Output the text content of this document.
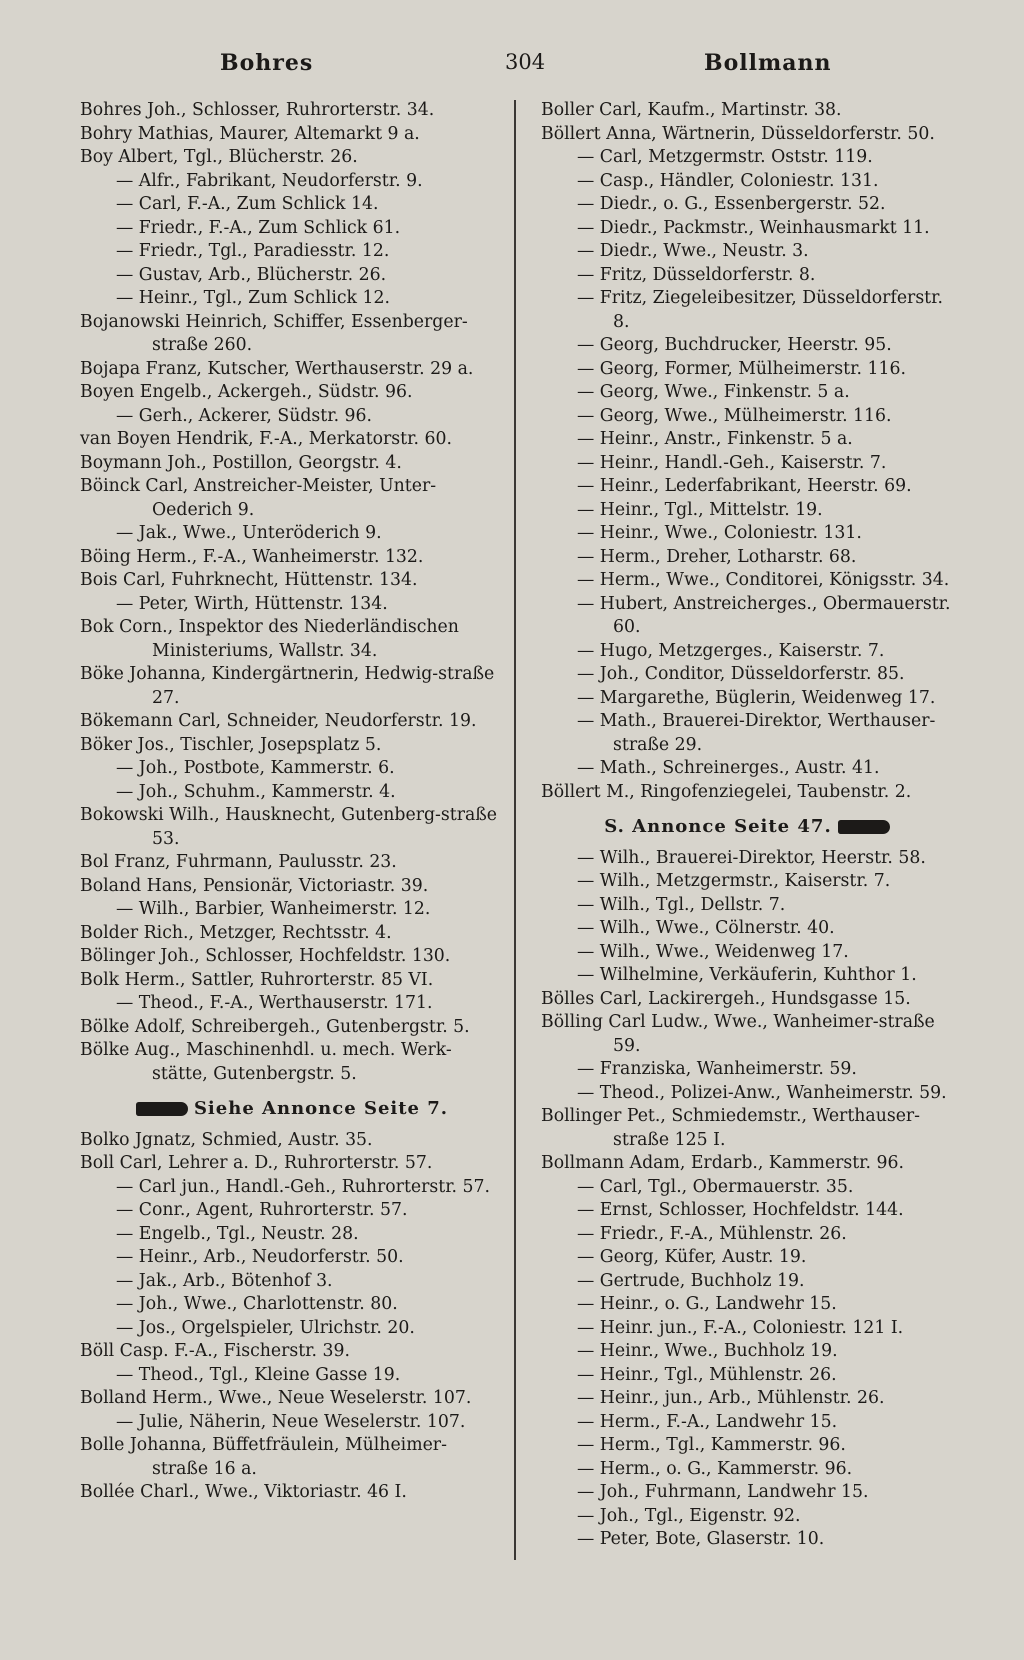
Bohres	304	Bollmann
Bohres Joh., Schlosser, Ruhrorterstr. 34.
Bohry Mathias, Maurer, Altemarkt 9 a.
Boy Albert, Tgl., Blücherstr. 26.
— Alfr., Fabrikant, Neudorferstr. 9.
— Carl, F.-A., Zum Schlick 14.
— Friedr., F.-A., Zum Schlick 61.
— Friedr., Tgl., Paradiesstr. 12.
— Gustav, Arb., Blücherstr. 26.
— Heinr., Tgl., Zum Schlick 12.
Bojanowski Heinrich, Schiffer, Essenberger-straße 260.
Bojapa Franz, Kutscher, Werthauserstr. 29 a.
Boyen Engelb., Ackergeh., Südstr. 96.
— Gerh., Ackerer, Südstr. 96.
van Boyen Hendrik, F.-A., Merkatorstr. 60.
Boymann Joh., Postillon, Georgstr. 4.
Böinck Carl, Anstreicher-Meister, Unter-Oederich 9.
— Jak., Wwe., Unteröderich 9.
Böing Herm., F.-A., Wanheimerstr. 132.
Bois Carl, Fuhrknecht, Hüttenstr. 134.
— Peter, Wirth, Hüttenstr. 134.
Bok Corn., Inspektor des Niederländischen Ministeriums, Wallstr. 34.
Böke Johanna, Kindergärtnerin, Hedwig-straße 27.
Bökemann Carl, Schneider, Neudorferstr. 19.
Böker Jos., Tischler, Josepsplatz 5.
— Joh., Postbote, Kammerstr. 6.
— Joh., Schuhm., Kammerstr. 4.
Bokowski Wilh., Hausknecht, Gutenberg-straße 53.
Bol Franz, Fuhrmann, Paulusstr. 23.
Boland Hans, Pensionär, Victoriastr. 39.
— Wilh., Barbier, Wanheimerstr. 12.
Bolder Rich., Metzger, Rechtsstr. 4.
Bölinger Joh., Schlosser, Hochfeldstr. 130.
Bolk Herm., Sattler, Ruhrorterstr. 85 VI.
— Theod., F.-A., Werthauserstr. 171.
Bölke Adolf, Schreibergeh., Gutenbergstr. 5.
Bölke Aug., Maschinenhdl. u. mech. Werk-stätte, Gutenbergstr. 5.
Siehe Annonce Seite 7.
Bolko Jgnatz, Schmied, Austr. 35.
Boll Carl, Lehrer a. D., Ruhrorterstr. 57.
— Carl jun., Handl.-Geh., Ruhrorterstr. 57.
— Conr., Agent, Ruhrorterstr. 57.
— Engelb., Tgl., Neustr. 28.
— Heinr., Arb., Neudorferstr. 50.
— Jak., Arb., Bötenhof 3.
— Joh., Wwe., Charlottenstr. 80.
— Jos., Orgelspieler, Ulrichstr. 20.
Böll Casp. F.-A., Fischerstr. 39.
— Theod., Tgl., Kleine Gasse 19.
Bolland Herm., Wwe., Neue Weselerstr. 107.
— Julie, Näherin, Neue Weselerstr. 107.
Bolle Johanna, Büffetfräulein, Mülheimer-straße 16 a.
Bollée Charl., Wwe., Viktoriastr. 46 I.
Boller Carl, Kaufm., Martinstr. 38.
Böllert Anna, Wärtnerin, Düsseldorferstr. 50.
— Carl, Metzgermstr. Oststr. 119.
— Casp., Händler, Coloniestr. 131.
— Diedr., o. G., Essenbergerstr. 52.
— Diedr., Packmstr., Weinhausmarkt 11.
— Diedr., Wwe., Neustr. 3.
— Fritz, Düsseldorferstr. 8.
— Fritz, Ziegeleibesitzer, Düsseldorferstr. 8.
— Georg, Buchdrucker, Heerstr. 95.
— Georg, Former, Mülheimerstr. 116.
— Georg, Wwe., Finkenstr. 5 a.
— Georg, Wwe., Mülheimerstr. 116.
— Heinr., Anstr., Finkenstr. 5 a.
— Heinr., Handl.-Geh., Kaiserstr. 7.
— Heinr., Lederfabrikant, Heerstr. 69.
— Heinr., Tgl., Mittelstr. 19.
— Heinr., Wwe., Coloniestr. 131.
— Herm., Dreher, Lotharstr. 68.
— Herm., Wwe., Conditorei, Königsstr. 34.
— Hubert, Anstreicherges., Obermauerstr. 60.
— Hugo, Metzgerges., Kaiserstr. 7.
— Joh., Conditor, Düsseldorferstr. 85.
— Margarethe, Büglerin, Weidenweg 17.
— Math., Brauerei-Direktor, Werthauser-straße 29.
— Math., Schreinerges., Austr. 41.
Böllert M., Ringofenziegelei, Taubenstr. 2.
S. Annonce Seite 47.
— Wilh., Brauerei-Direktor, Heerstr. 58.
— Wilh., Metzgermstr., Kaiserstr. 7.
— Wilh., Tgl., Dellstr. 7.
— Wilh., Wwe., Cölnerstr. 40.
— Wilh., Wwe., Weidenweg 17.
— Wilhelmine, Verkäuferin, Kuhthor 1.
Bölles Carl, Lackirergeh., Hundsgasse 15.
Bölling Carl Ludw., Wwe., Wanheimer-straße 59.
— Franziska, Wanheimerstr. 59.
— Theod., Polizei-Anw., Wanheimerstr. 59.
Bollinger Pet., Schmiedemstr., Werthauser-straße 125 I.
Bollmann Adam, Erdarb., Kammerstr. 96.
— Carl, Tgl., Obermauerstr. 35.
— Ernst, Schlosser, Hochfeldstr. 144.
— Friedr., F.-A., Mühlenstr. 26.
— Georg, Küfer, Austr. 19.
— Gertrude, Buchholz 19.
— Heinr., o. G., Landwehr 15.
— Heinr. jun., F.-A., Coloniestr. 121 I.
— Heinr., Wwe., Buchholz 19.
— Heinr., Tgl., Mühlenstr. 26.
— Heinr., jun., Arb., Mühlenstr. 26.
— Herm., F.-A., Landwehr 15.
— Herm., Tgl., Kammerstr. 96.
— Herm., o. G., Kammerstr. 96.
— Joh., Fuhrmann, Landwehr 15.
— Joh., Tgl., Eigenstr. 92.
— Peter, Bote, Glaserstr. 10.
